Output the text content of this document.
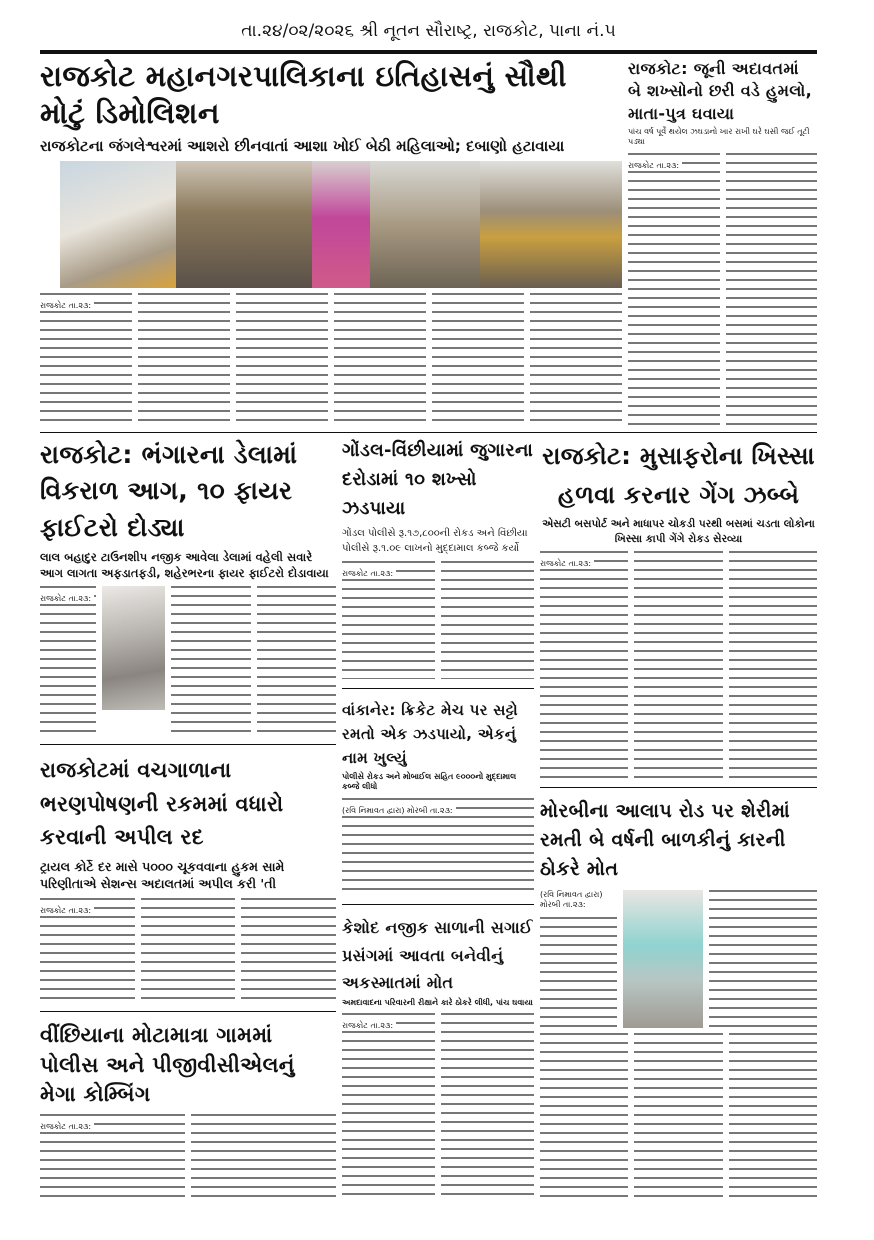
તા.૨૪/૦૨/૨૦૨૬ શ્રી નૂતન સૌરાષ્ટ્ર, રાજકોટ, પાના નં.૫
રાજકોટ મહાનગરપાલિકાના ઇતિહાસનું સૌથી મોટું ડિમોલિશન
રાજકોટના જંગલેશ્વરમાં આશરો છીનવાતાં આશા ખોઈ બેઠી મહિલાઓ; દબાણો હટાવાયા
રાજકોટ તા.૨૩:
રાજકોટ: જૂની અદાવતમાં બે શખ્સોનો છરી વડે હુમલો, માતા-પુત્ર ઘવાયા
પાંચ વર્ષ પૂર્વે થયેલ ઝઘડાનો ખાર રાખી ઘરે ઘસી જઈ તૂટી પડ્યા
રાજકોટ તા.૨૩:
રાજકોટ: ભંગારના ડેલામાં વિકરાળ આગ, ૧૦ ફાયર ફાઈટરો દોડ્યા
લાલ બહાદુર ટાઉનશીપ નજીક આવેલા ડેલામાં વહેલી સવારે આગ લાગતા અફડાતફડી, શહેરભરના ફાયર ફાઈટરો દોડાવાયા
રાજકોટ તા.૨૩:
રાજકોટમાં વચગાળાના ભરણપોષણની રકમમાં વધારો કરવાની અપીલ રદ
ટ્રાયલ કોર્ટે દર માસે ૫૦૦૦ ચૂકવવાના હુકમ સામે પરિણીતાએ સેશન્સ અદાલતમાં અપીલ કરી 'તી
રાજકોટ તા.૨૩:
વીંછિયાના મોટામાત્રા ગામમાં પોલીસ અને પીજીવીસીએલનું મેગા કોમ્બિંગ
રાજકોટ તા.૨૩:
ગોંડલ-વિંછીયામાં જુગારના દરોડામાં ૧૦ શખ્સો ઝડપાયા
ગોંડલ પોલીસે રૂ.૧૭,૮૦૦ની રોકડ અને વિંછીયા પોલીસે રૂ.૧.૦૯ લાખનો મુદ્દામાલ કબ્જે કર્યો
રાજકોટ તા.૨૩:
વાંકાનેર: ક્રિકેટ મેચ પર સટ્ટો રમતો એક ઝડપાયો, એકનું નામ ખુલ્યું
પોલીસે રોકડ અને મોબાઈલ સહિત ૯૦૦૦નો મુદ્દામાલ કબ્જે લીધો
(રવિ નિમાવત દ્વારા) મોરબી તા.૨૩:
કેશોદ નજીક સાળાની સગાઈ પ્રસંગમાં આવતા બનેવીનું અકસ્માતમાં મોત
અમદાવાદના પરિવારની રીક્ષાને કારે ઠોકરે લીધી, પાંચ ઘવાયા
રાજકોટ તા.૨૩:
રાજકોટ: મુસાફરોના ખિસ્સા હળવા કરનાર ગેંગ ઝબ્બે
એસટી બસપોર્ટ અને માધાપર ચોકડી પરથી બસમાં ચડતા લોકોના ખિસ્સા કાપી ગેંગે રોકડ સેરવ્યા
રાજકોટ તા.૨૩:
મોરબીના આલાપ રોડ પર શેરીમાં રમતી બે વર્ષની બાળકીનું કારની ઠોકરે મોત
(રવિ નિમાવત દ્વારા) મોરબી તા.૨૩:
